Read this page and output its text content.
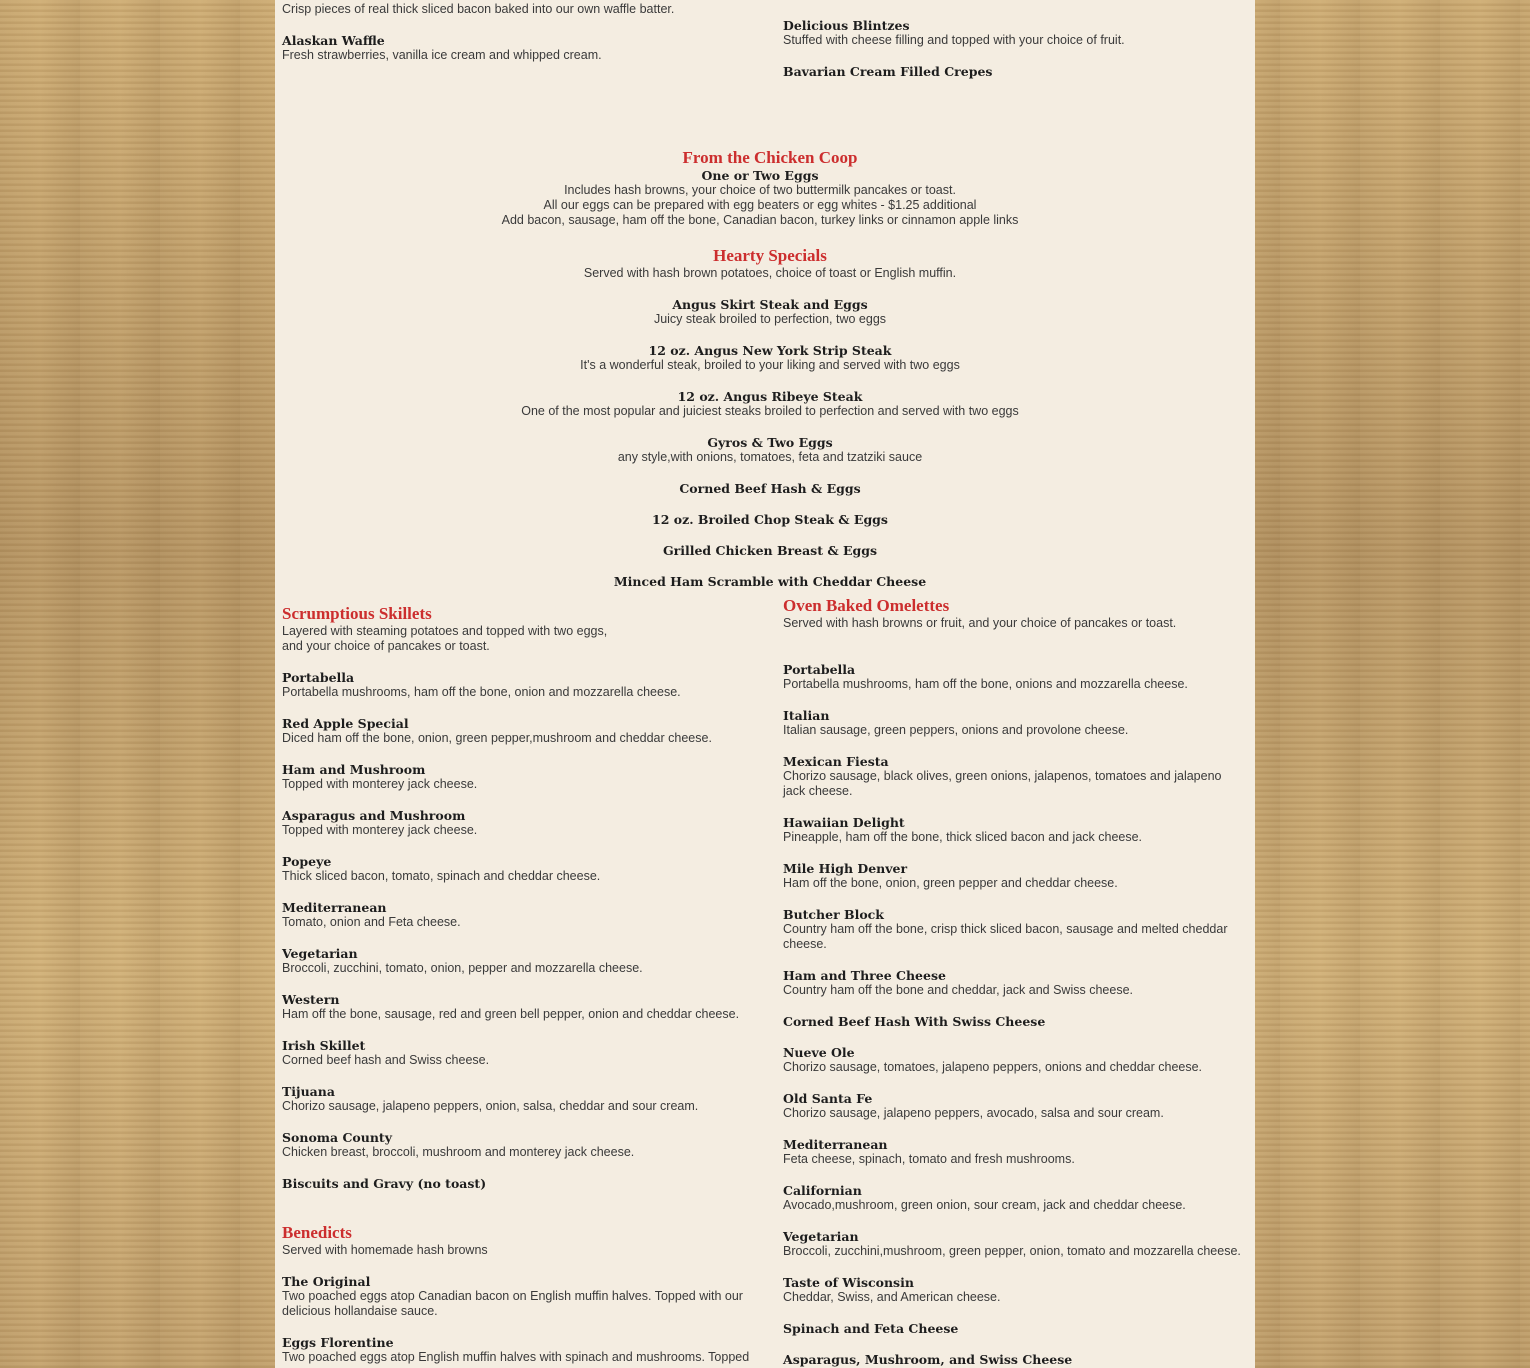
Crisp pieces of real thick sliced bacon baked into our own waffle batter.

Alaskan Waffle

Fresh strawberries, vanilla ice cream and whipped cream.

Delicious Blintzes

Stuffed with cheese filling and topped with your choice of fruit.

Bavarian Cream Filled Crepes

From the Chicken Coop

One or Two Eggs

Includes hash browns, your choice of two buttermilk pancakes or toast.

All our eggs can be prepared with egg beaters or egg whites - $1.25 additional

Add bacon, sausage, ham off the bone, Canadian bacon, turkey links or cinnamon apple links

Hearty Specials

Served with hash brown potatoes, choice of toast or English muffin.

Angus Skirt Steak and Eggs

Juicy steak broiled to perfection, two eggs

12 oz. Angus New York Strip Steak

It's a wonderful steak, broiled to your liking and served with two eggs

12 oz. Angus Ribeye Steak

One of the most popular and juiciest steaks broiled to perfection and served with two eggs

Gyros & Two Eggs

any style,with onions, tomatoes, feta and tzatziki sauce

Corned Beef Hash & Eggs

12 oz. Broiled Chop Steak & Eggs

Grilled Chicken Breast & Eggs

Minced Ham Scramble with Cheddar Cheese

Scrumptious Skillets

Layered with steaming potatoes and topped with two eggs,

and your choice of pancakes or toast.

Portabella

Portabella mushrooms, ham off the bone, onion and mozzarella cheese.

Red Apple Special

Diced ham off the bone, onion, green pepper,mushroom and cheddar cheese.

Ham and Mushroom

Topped with monterey jack cheese.

Asparagus and Mushroom

Topped with monterey jack cheese.

Popeye

Thick sliced bacon, tomato, spinach and cheddar cheese.

Mediterranean

Tomato, onion and Feta cheese.

Vegetarian

Broccoli, zucchini, tomato, onion, pepper and mozzarella cheese.

Western

Ham off the bone, sausage, red and green bell pepper, onion and cheddar cheese.

Irish Skillet

Corned beef hash and Swiss cheese.

Tijuana

Chorizo sausage, jalapeno peppers, onion, salsa, cheddar and sour cream.

Sonoma County

Chicken breast, broccoli, mushroom and monterey jack cheese.

Biscuits and Gravy (no toast)

Benedicts

Served with homemade hash browns

The Original

Two poached eggs atop Canadian bacon on English muffin halves. Topped with our delicious hollandaise sauce.

Eggs Florentine

Two poached eggs atop English muffin halves with spinach and mushrooms. Topped

Oven Baked Omelettes

Served with hash browns or fruit, and your choice of pancakes or toast.

Portabella

Portabella mushrooms, ham off the bone, onions and mozzarella cheese.

Italian

Italian sausage, green peppers, onions and provolone cheese.

Mexican Fiesta

Chorizo sausage, black olives, green onions, jalapenos, tomatoes and jalapeno jack cheese.

Hawaiian Delight

Pineapple, ham off the bone, thick sliced bacon and jack cheese.

Mile High Denver

Ham off the bone, onion, green pepper and cheddar cheese.

Butcher Block

Country ham off the bone, crisp thick sliced bacon, sausage and melted cheddar cheese.

Ham and Three Cheese

Country ham off the bone and cheddar, jack and Swiss cheese.

Corned Beef Hash With Swiss Cheese

Nueve Ole

Chorizo sausage, tomatoes, jalapeno peppers, onions and cheddar cheese.

Old Santa Fe

Chorizo sausage, jalapeno peppers, avocado, salsa and sour cream.

Mediterranean

Feta cheese, spinach, tomato and fresh mushrooms.

Californian

Avocado,mushroom, green onion, sour cream, jack and cheddar cheese.

Vegetarian

Broccoli, zucchini,mushroom, green pepper, onion, tomato and mozzarella cheese.

Taste of Wisconsin

Cheddar, Swiss, and American cheese.

Spinach and Feta Cheese

Asparagus, Mushroom, and Swiss Cheese
